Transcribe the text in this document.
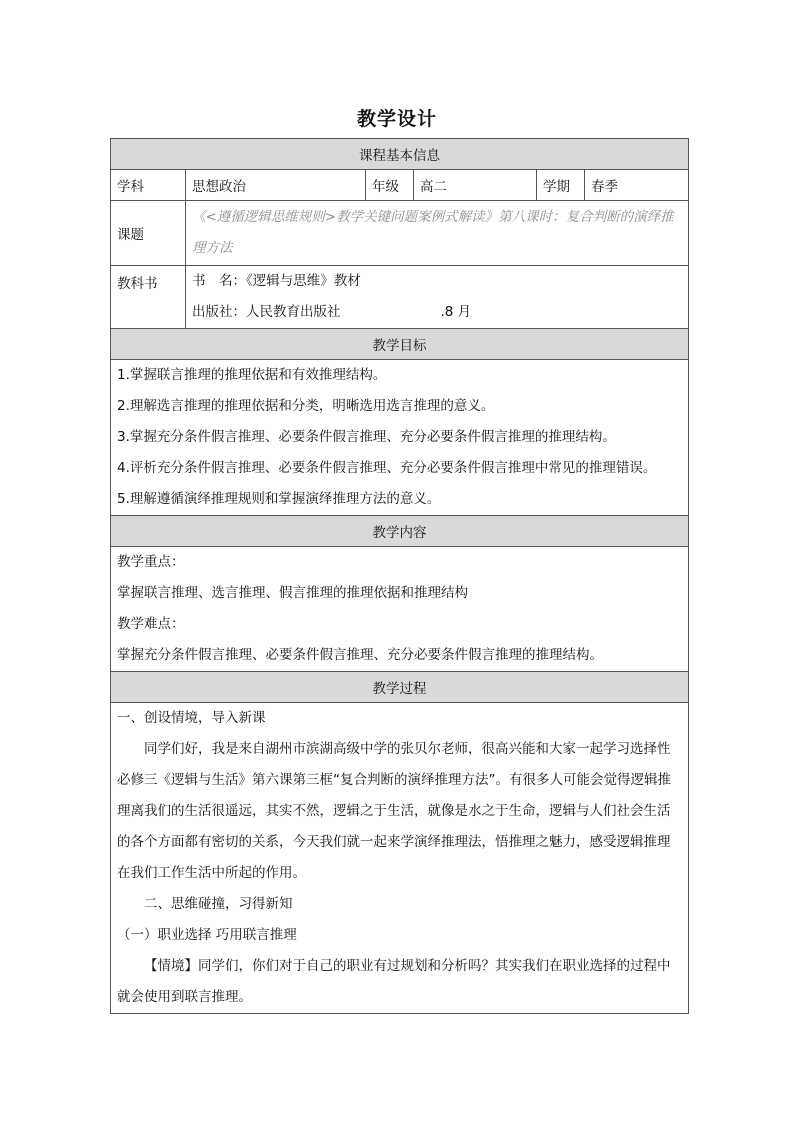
教学设计
课程基本信息					
学科	思想政治	年级	高二	学期	春季
课题	《<遵循逻辑思维规则>教学关键问题案例式解读》第八课时：复合判断的演绎推理方法				
教科书	书　名：《逻辑与思维》教材
出版社：人民教育出版社 .8 月				

教学目标					

1.掌握联言推理的推理依据和有效推理结构。
2.理解选言推理的推理依据和分类，明晰选用选言推理的意义。
3.掌握充分条件假言推理、必要条件假言推理、充分必要条件假言推理的推理结构。
4.评析充分条件假言推理、必要条件假言推理、充分必要条件假言推理中常见的推理错误。
5.理解遵循演绎推理规则和掌握演绎推理方法的意义。					

教学内容					

教学重点：
掌握联言推理、选言推理、假言推理的推理依据和推理结构
教学难点：
掌握充分条件假言推理、必要条件假言推理、充分必要条件假言推理的推理结构。					

教学过程					

一、创设情境，导入新课
同学们好，我是来自湖州市滨湖高级中学的张贝尔老师，很高兴能和大家一起学习选择性必修三《逻辑与生活》第六课第三框“复合判断的演绎推理方法”。有很多人可能会觉得逻辑推理离我们的生活很遥远，其实不然，逻辑之于生活，就像是水之于生命，逻辑与人们社会生活的各个方面都有密切的关系，今天我们就一起来学演绎推理法，悟推理之魅力，感受逻辑推理在我们工作生活中所起的作用。
二、思维碰撞，习得新知
（一）职业选择 巧用联言推理
【情境】同学们，你们对于自己的职业有过规划和分析吗？其实我们在职业选择的过程中就会使用到联言推理。					
